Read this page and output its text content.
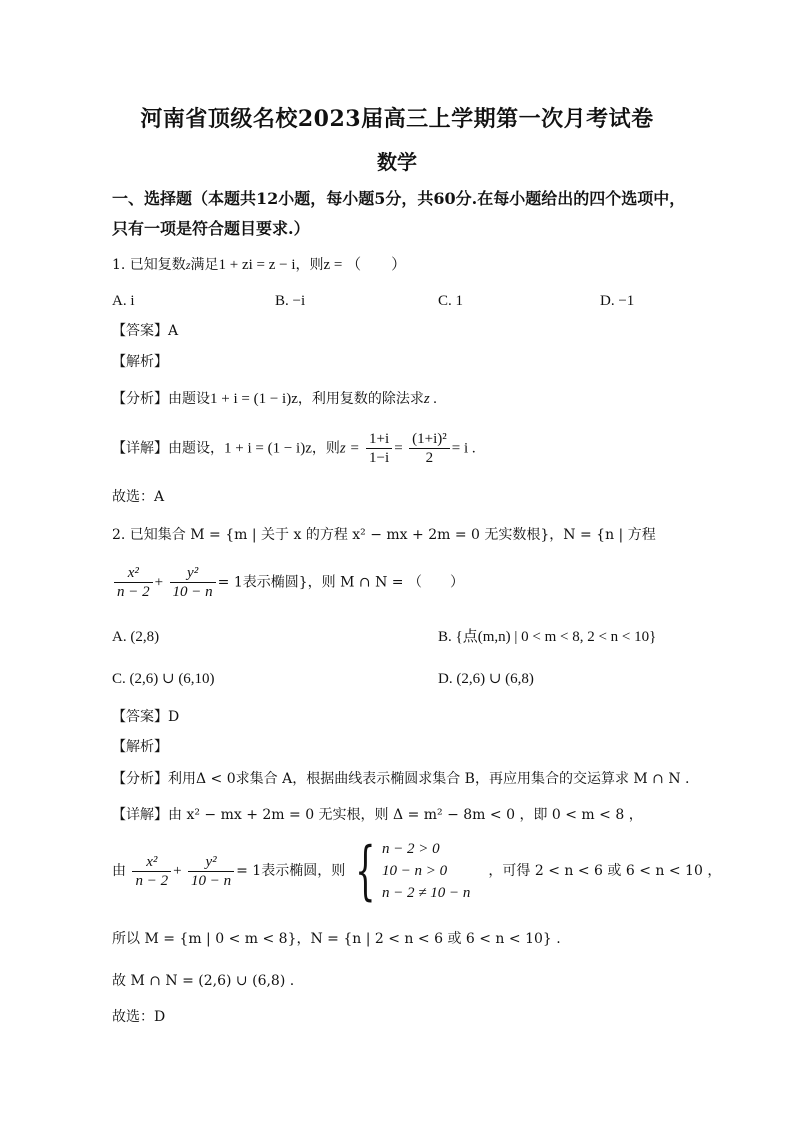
河南省顶级名校2023届高三上学期第一次月考试卷
数学
一、选择题（本题共12小题，每小题5分，共60分.在每小题给出的四个选项中，
只有一项是符合题目要求.）
1. 已知复数z满足1 + zi = z − i，则z = （　　）
A. i	B. −i	C. 1	D. −1
【答案】A
【解析】
【分析】由题设1 + i = (1 − i)z，利用复数的除法求z .
【详解】由题设，1 + i = (1 − i)z，则$z = \frac{1+i}{1-i} = \frac{\text{(1+i)²}}{2} = i$ .
故选：A
2. 已知集合 M = {m | 关于 x 的方程 x² − mx + 2m = 0 无实数根}，N = {n | 方程
$\frac{\text{x²}}{n - 2} + \frac{\text{y²}}{10 - n} = 1$表示椭圆}，则 M ∩ N = （　　）
A. (2,8)	B. {点(m,n) | 0 < m < 8, 2 < n < 10}
C. (2,6) ∪ (6,10)	D. (2,6) ∪ (6,8)
【答案】D
【解析】
【分析】利用Δ < 0求集合 A，根据曲线表示椭圆求集合 B，再应用集合的交运算求 M ∩ N .
【详解】由 x² − mx + 2m = 0 无实根，则 Δ = m² − 8m < 0 ，即 0 < m < 8 ，
由 $\frac{\text{x²}}{n - 2} + \frac{\text{y²}}{10 - n} = 1$表示椭圆，则 { n − 2 > 0
10 − n > 0
n − 2 ≠ 10 − n
，可得 2 < n < 6 或 6 < n < 10 ，
所以 M = {m | 0 < m < 8}，N = {n | 2 < n < 6 或 6 < n < 10} .
故 M ∩ N = (2,6) ∪ (6,8) .
故选：D
